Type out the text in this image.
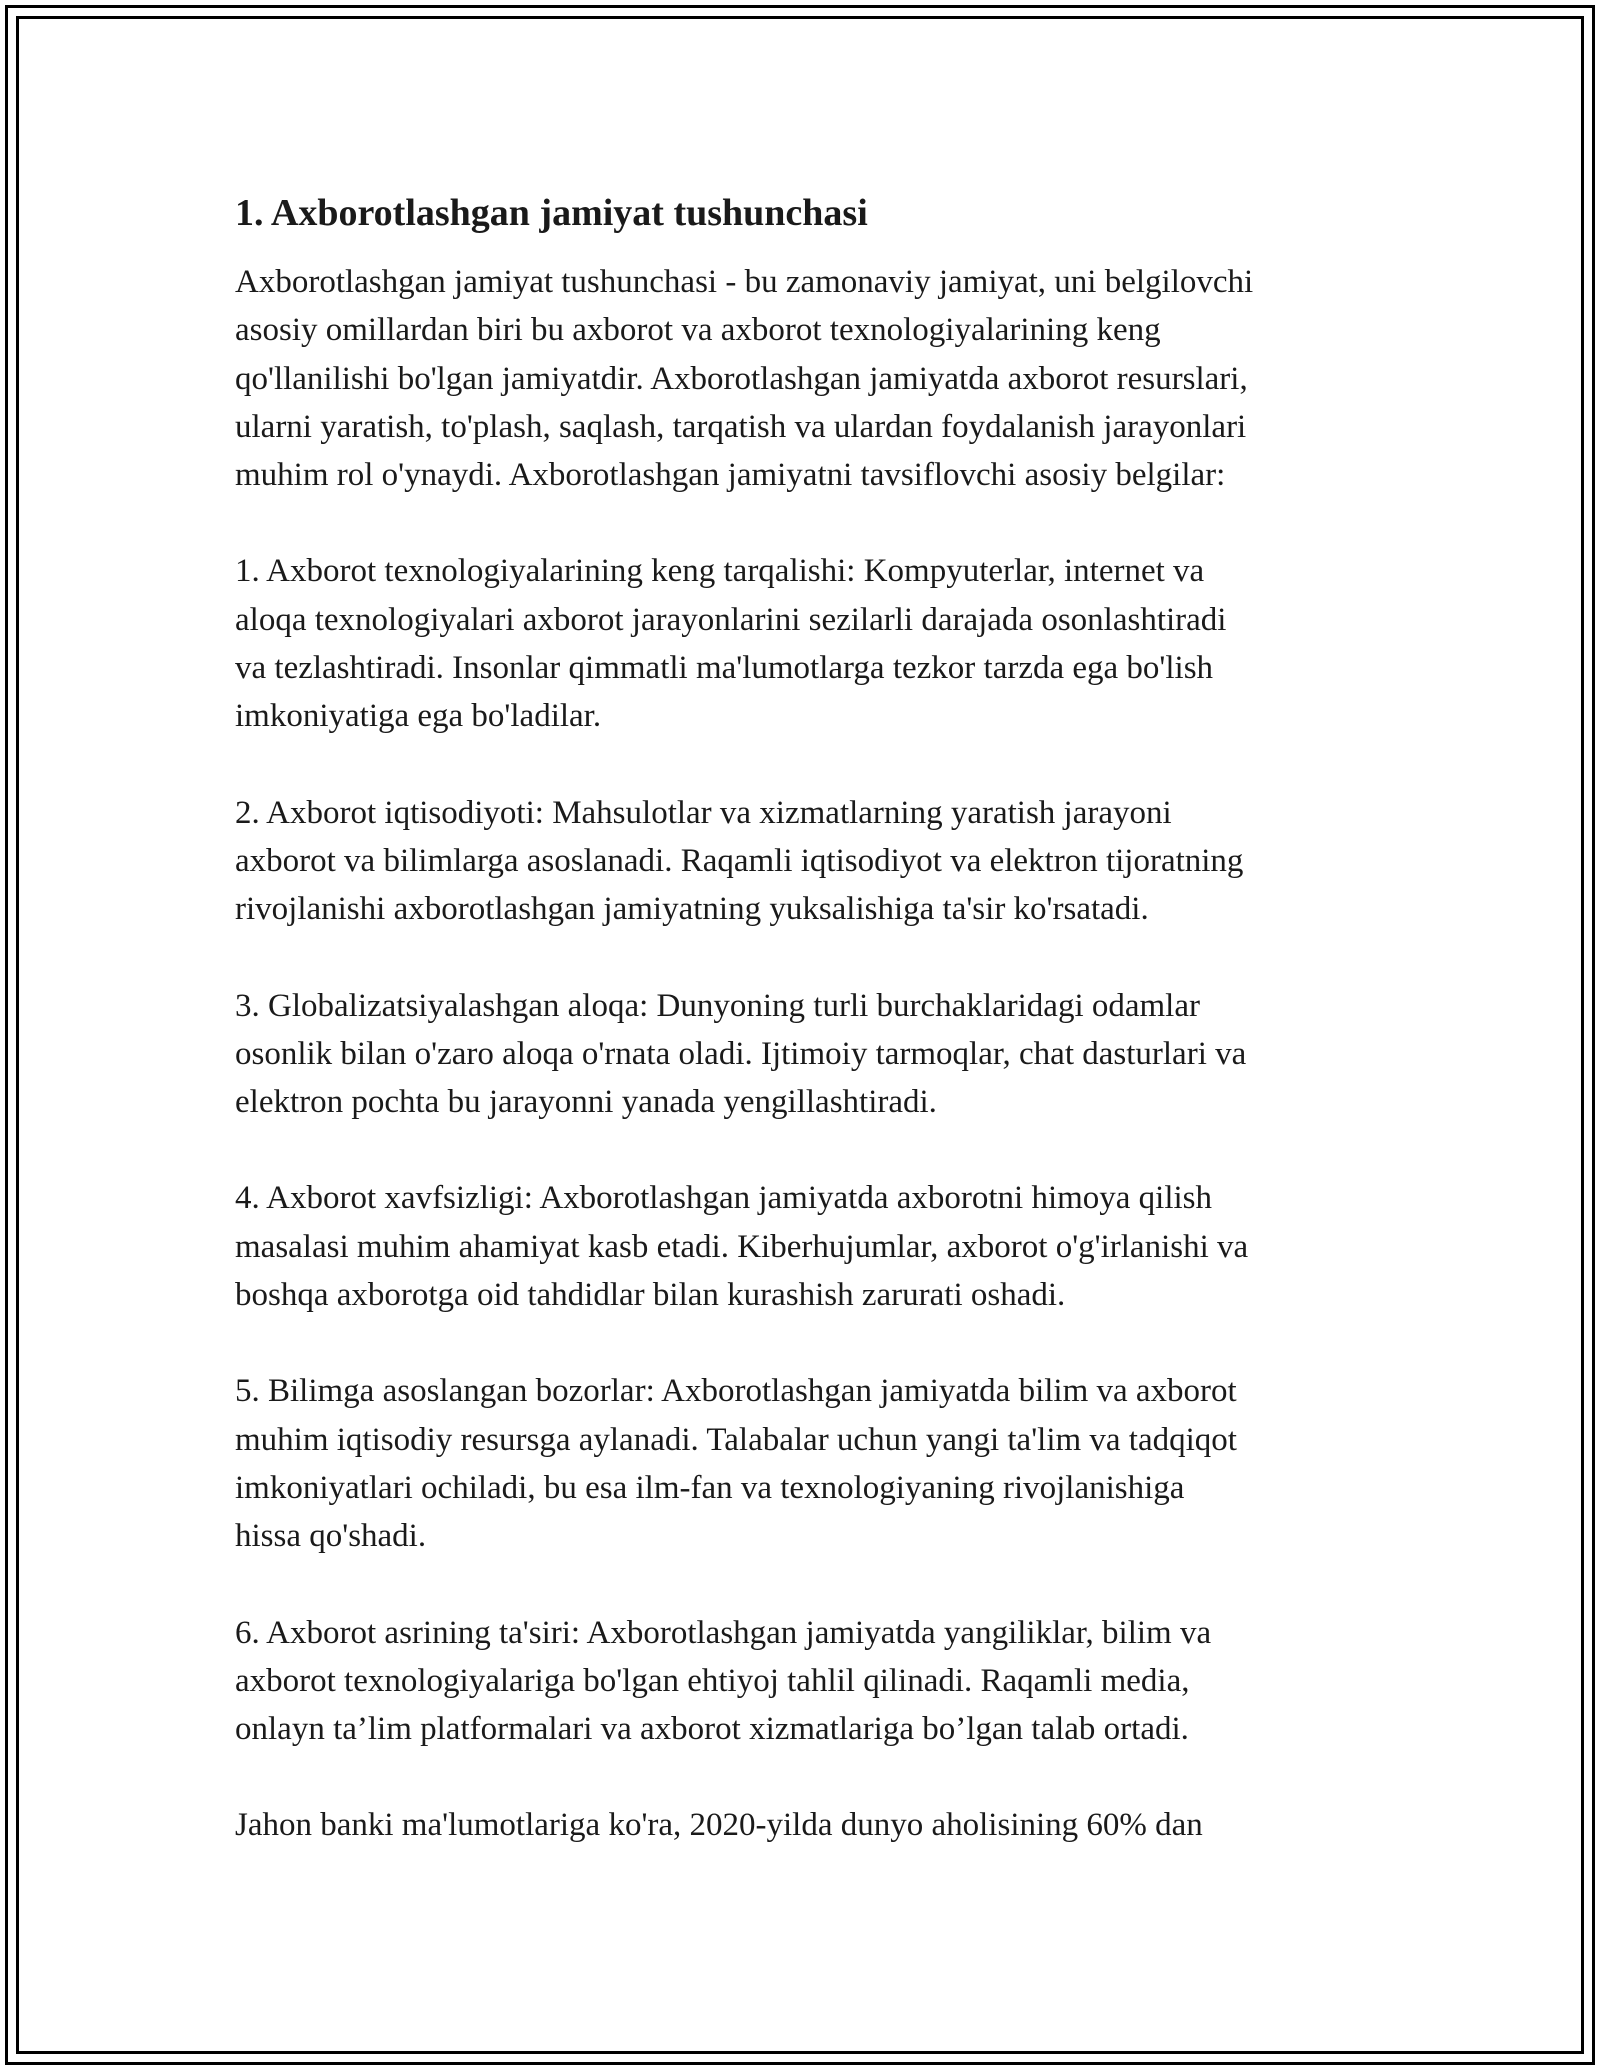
1. Axborotlashgan jamiyat tushunchasi
Axborotlashgan jamiyat tushunchasi - bu zamonaviy jamiyat, uni belgilovchi
asosiy omillardan biri bu axborot va axborot texnologiyalarining keng
qo'llanilishi bo'lgan jamiyatdir. Axborotlashgan jamiyatda axborot resurslari,
ularni yaratish, to'plash, saqlash, tarqatish va ulardan foydalanish jarayonlari
muhim rol o'ynaydi. Axborotlashgan jamiyatni tavsiflovchi asosiy belgilar:
1. Axborot texnologiyalarining keng tarqalishi: Kompyuterlar, internet va
aloqa texnologiyalari axborot jarayonlarini sezilarli darajada osonlashtiradi
va tezlashtiradi. Insonlar qimmatli ma'lumotlarga tezkor tarzda ega bo'lish
imkoniyatiga ega bo'ladilar.
2. Axborot iqtisodiyoti: Mahsulotlar va xizmatlarning yaratish jarayoni
axborot va bilimlarga asoslanadi. Raqamli iqtisodiyot va elektron tijoratning
rivojlanishi axborotlashgan jamiyatning yuksalishiga ta'sir ko'rsatadi.
3. Globalizatsiyalashgan aloqa: Dunyoning turli burchaklaridagi odamlar
osonlik bilan o'zaro aloqa o'rnata oladi. Ijtimoiy tarmoqlar, chat dasturlari va
elektron pochta bu jarayonni yanada yengillashtiradi.
4. Axborot xavfsizligi: Axborotlashgan jamiyatda axborotni himoya qilish
masalasi muhim ahamiyat kasb etadi. Kiberhujumlar, axborot o'g'irlanishi va
boshqa axborotga oid tahdidlar bilan kurashish zarurati oshadi.
5. Bilimga asoslangan bozorlar: Axborotlashgan jamiyatda bilim va axborot
muhim iqtisodiy resursga aylanadi. Talabalar uchun yangi ta'lim va tadqiqot
imkoniyatlari ochiladi, bu esa ilm-fan va texnologiyaning rivojlanishiga
hissa qo'shadi.
6. Axborot asrining ta'siri: Axborotlashgan jamiyatda yangiliklar, bilim va
axborot texnologiyalariga bo'lgan ehtiyoj tahlil qilinadi. Raqamli media,
onlayn ta’lim platformalari va axborot xizmatlariga bo’lgan talab ortadi.
Jahon banki ma'lumotlariga ko'ra, 2020-yilda dunyo aholisining 60% dan
